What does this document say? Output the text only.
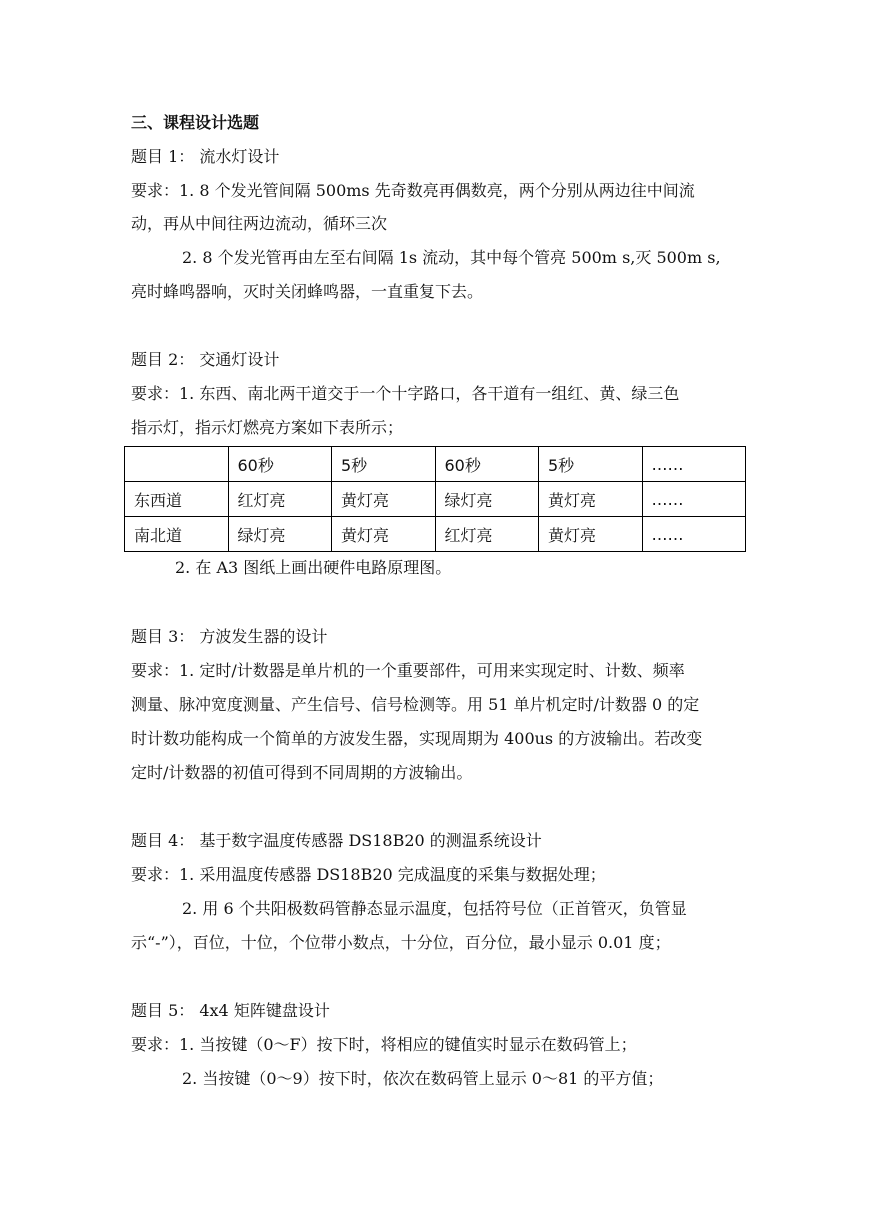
三、课程设计选题
题目 1： 流水灯设计
要求：1. 8 个发光管间隔 500ms 先奇数亮再偶数亮，两个分别从两边往中间流
动，再从中间往两边流动，循环三次
2. 8 个发光管再由左至右间隔 1s 流动，其中每个管亮 500m s,灭 500m s,
亮时蜂鸣器响，灭时关闭蜂鸣器，一直重复下去。
题目 2： 交通灯设计
要求：1. 东西、南北两干道交于一个十字路口，各干道有一组红、黄、绿三色
指示灯，指示灯燃亮方案如下表所示；
	60秒	5秒	60秒	5秒	……
东西道	红灯亮	黄灯亮	绿灯亮	黄灯亮	……
南北道	绿灯亮	黄灯亮	红灯亮	黄灯亮	……
2. 在 A3 图纸上画出硬件电路原理图。
题目 3： 方波发生器的设计
要求：1. 定时/计数器是单片机的一个重要部件，可用来实现定时、计数、频率
测量、脉冲宽度测量、产生信号、信号检测等。用 51 单片机定时/计数器 0 的定
时计数功能构成一个简单的方波发生器，实现周期为 400us 的方波输出。若改变
定时/计数器的初值可得到不同周期的方波输出。
题目 4： 基于数字温度传感器 DS18B20 的测温系统设计
要求：1. 采用温度传感器 DS18B20 完成温度的采集与数据处理；
2. 用 6 个共阳极数码管静态显示温度，包括符号位（正首管灭，负管显
示“-”），百位，十位，个位带小数点，十分位，百分位，最小显示 0.01 度；
题目 5： 4x4 矩阵键盘设计
要求：1. 当按键（0～F）按下时，将相应的键值实时显示在数码管上；
2. 当按键（0～9）按下时，依次在数码管上显示 0～81 的平方值；
